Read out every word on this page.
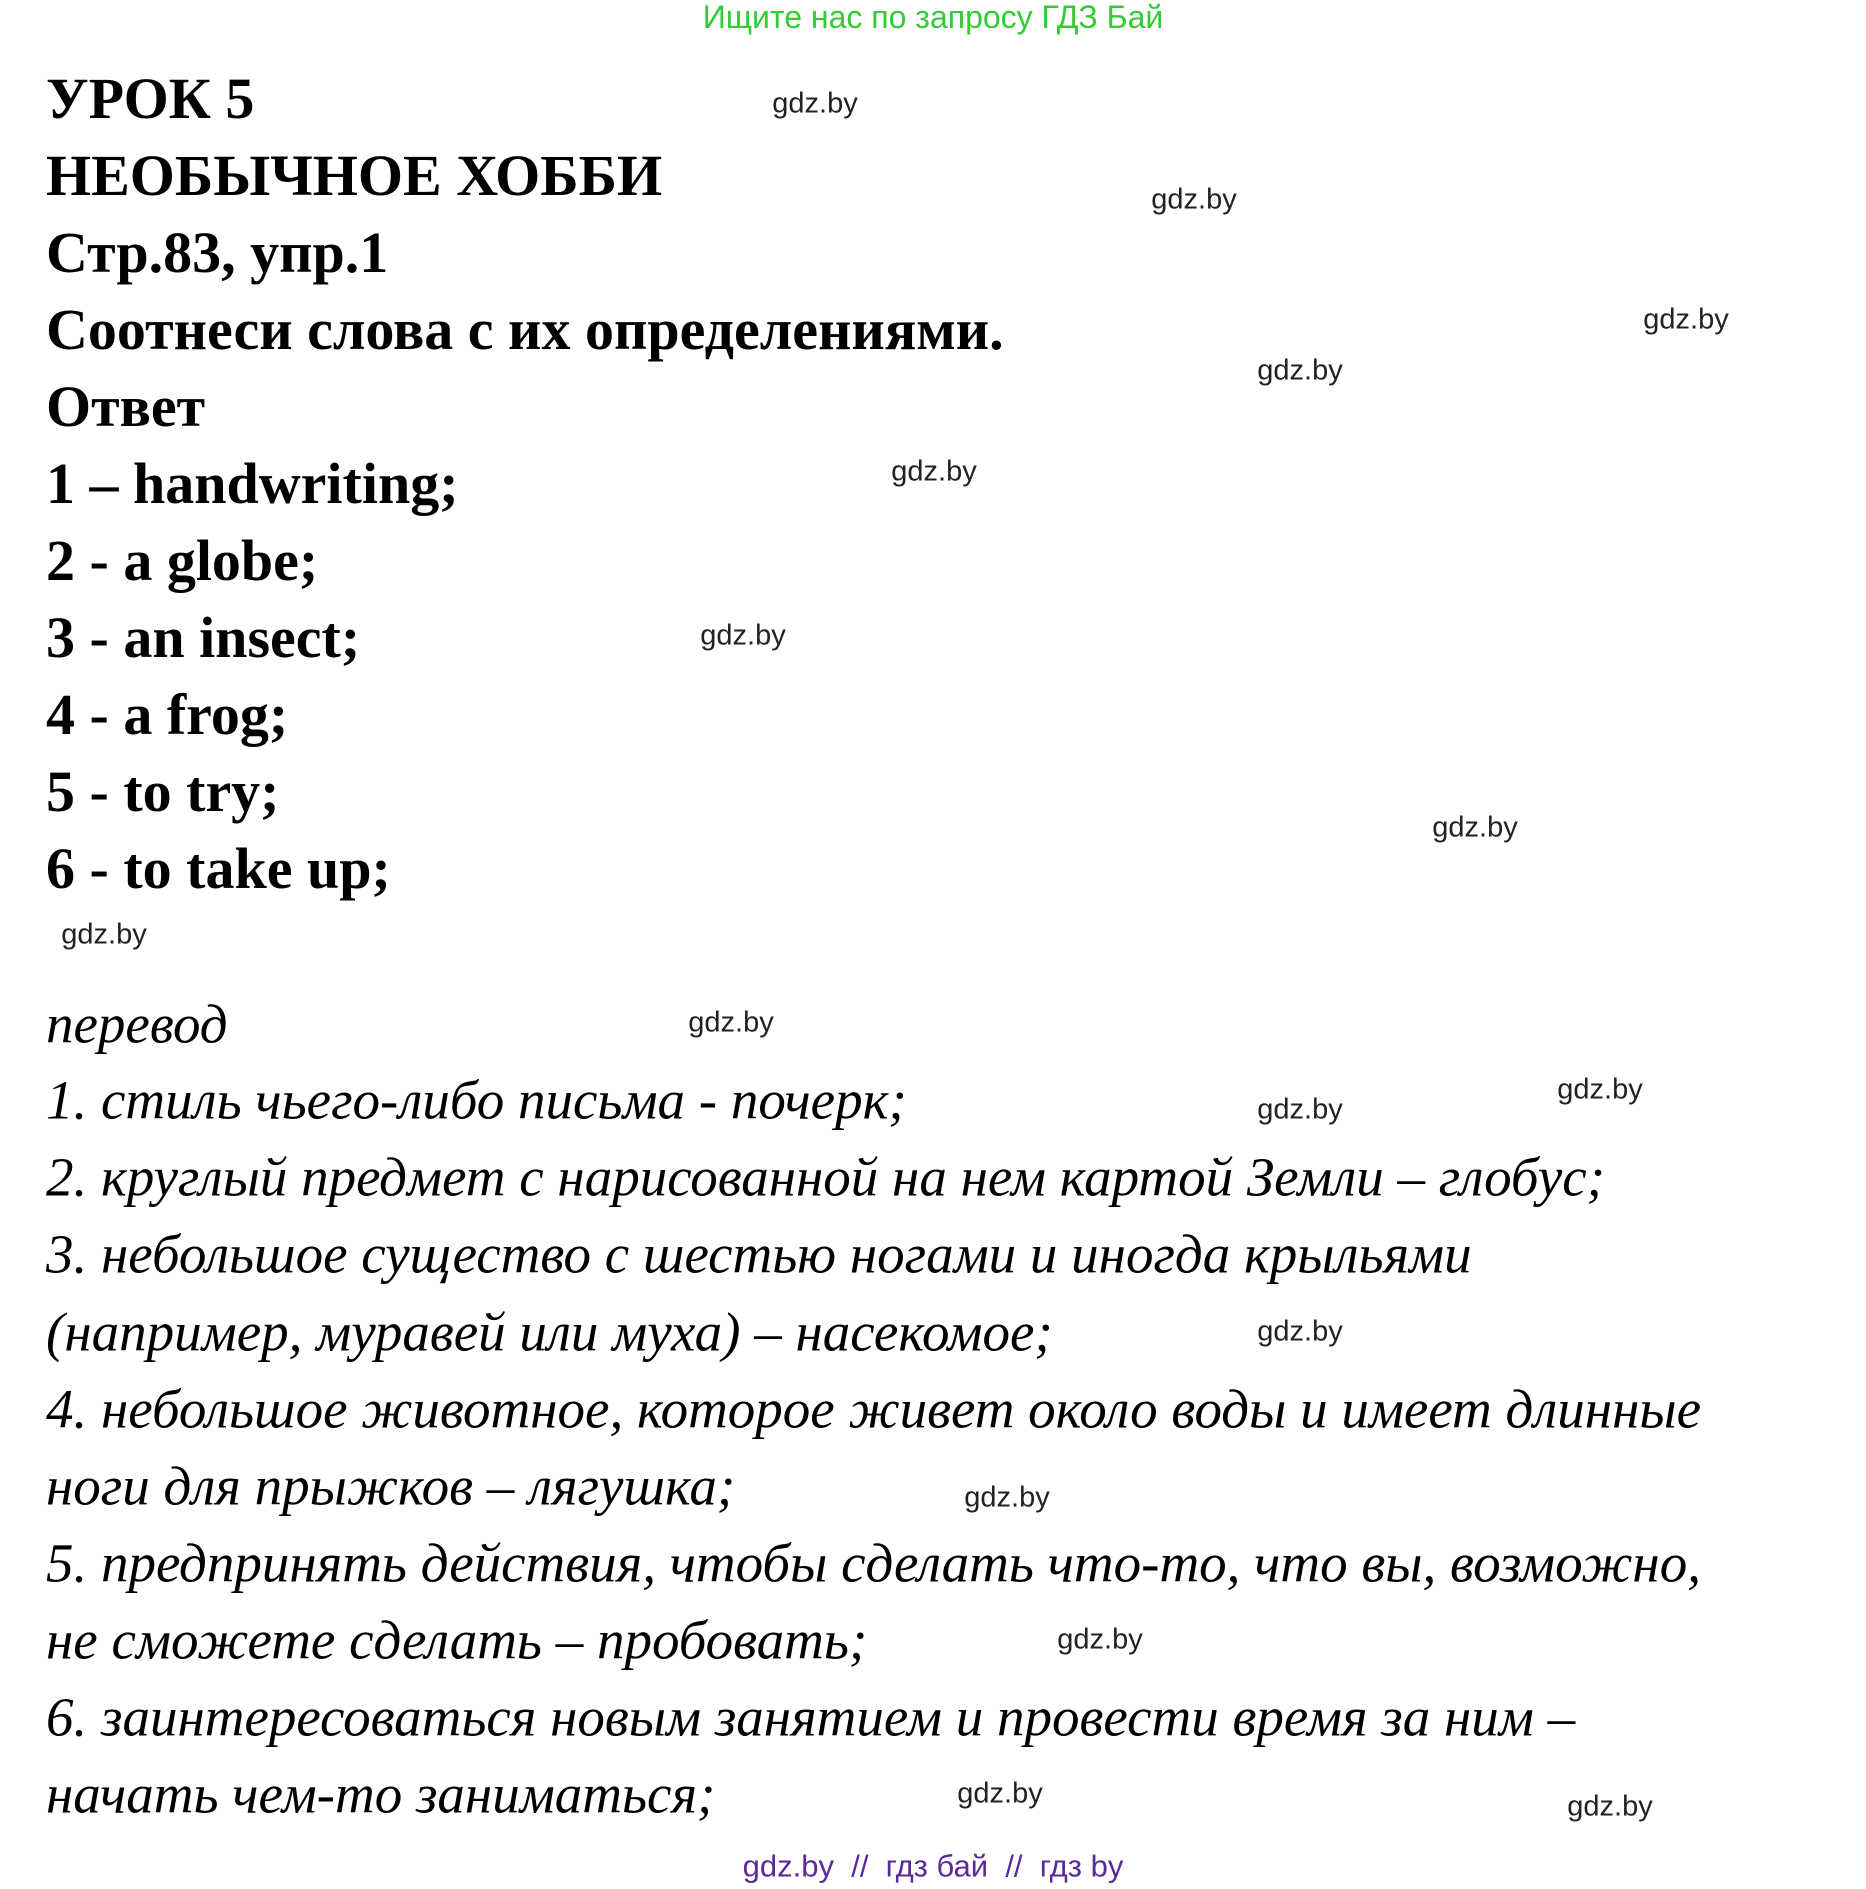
Ищите нас по запросу ГДЗ Бай
УРОК 5
НЕОБЫЧНОЕ ХОББИ
Стр.83, упр.1
Соотнеси слова с их определениями.
Ответ
1 – handwriting;
2 - a globe;
3 - an insect;
4 - a frog;
5 - to try;
6 - to take up;
перевод
1. стиль чьего-либо письма - почерк;
2. круглый предмет с нарисованной на нем картой Земли – глобус;
3. небольшое существо с шестью ногами и иногда крыльями
(например, муравей или муха) – насекомое;
4. небольшое животное, которое живет около воды и имеет длинные
ноги для прыжков – лягушка;
5. предпринять действия, чтобы сделать что-то, что вы, возможно,
не сможете сделать – пробовать;
6. заинтересоваться новым занятием и провести время за ним –
начать чем-то заниматься;
gdz.by
gdz.by
gdz.by
gdz.by
gdz.by
gdz.by
gdz.by
gdz.by
gdz.by
gdz.by
gdz.by
gdz.by
gdz.by
gdz.by
gdz.by	gdz.by
gdz.by  //  гдз бай  //  гдз by
